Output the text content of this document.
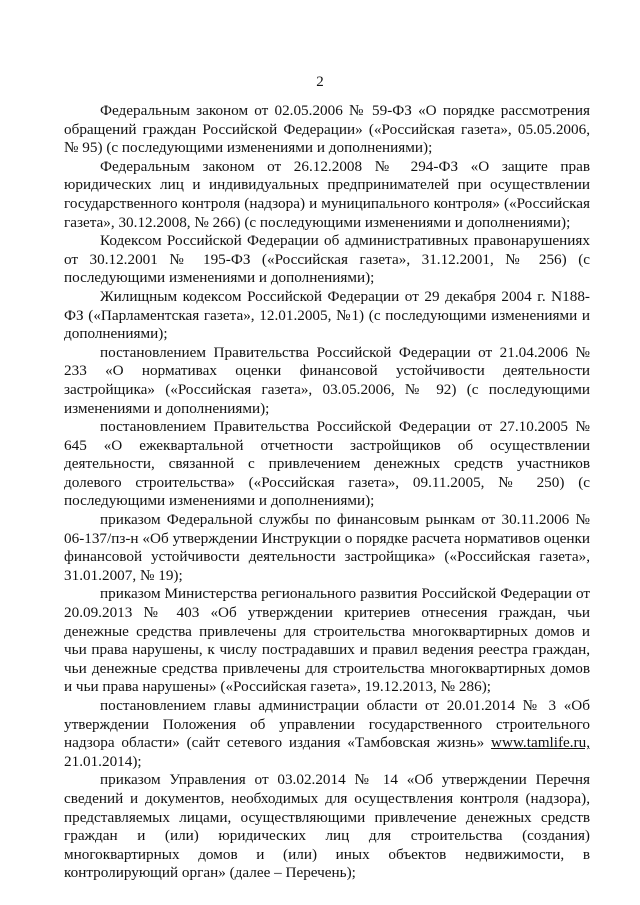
2

Федеральным законом от 02.05.2006 № 59-ФЗ «О порядке рассмотрения обращений граждан Российской Федерации» («Российская газета», 05.05.2006, № 95) (с последующими изменениями и дополнениями);

Федеральным законом от 26.12.2008 № 294-ФЗ «О защите прав юридических лиц и индивидуальных предпринимателей при осуществлении государственного контроля (надзора) и муниципального контроля» («Российская газета», 30.12.2008, № 266) (с последующими изменениями и дополнениями);

Кодексом Российской Федерации об административных правонарушениях от 30.12.2001 № 195-ФЗ («Российская газета», 31.12.2001, № 256) (с последующими изменениями и дополнениями);

Жилищным кодексом Российской Федерации от 29 декабря 2004 г. N188-ФЗ («Парламентская газета», 12.01.2005, №1) (с последующими изменениями и дополнениями);

постановлением Правительства Российской Федерации от 21.04.2006 № 233 «О нормативах оценки финансовой устойчивости деятельности застройщика» («Российская газета», 03.05.2006, № 92) (с последующими изменениями и дополнениями);

постановлением Правительства Российской Федерации от 27.10.2005 № 645 «О ежеквартальной отчетности застройщиков об осуществлении деятельности, связанной с привлечением денежных средств участников долевого строительства» («Российская газета», 09.11.2005, № 250) (с последующими изменениями и дополнениями);

приказом Федеральной службы по финансовым рынкам от 30.11.2006 № 06-137/пз-н «Об утверждении Инструкции о порядке расчета нормативов оценки финансовой устойчивости деятельности застройщика» («Российская газета», 31.01.2007, № 19);

приказом Министерства регионального развития Российской Федерации от 20.09.2013 № 403 «Об утверждении критериев отнесения граждан, чьи денежные средства привлечены для строительства многоквартирных домов и чьи права нарушены, к числу пострадавших и правил ведения реестра граждан, чьи денежные средства привлечены для строительства многоквартирных домов и чьи права нарушены» («Российская газета», 19.12.2013, № 286);

постановлением главы администрации области от 20.01.2014 № 3 «Об утверждении Положения об управлении государственного строительного надзора области» (сайт сетевого издания «Тамбовская жизнь» www.tamlife.ru, 21.01.2014);

приказом Управления от 03.02.2014 № 14 «Об утверждении Перечня сведений и документов, необходимых для осуществления контроля (надзора), представляемых лицами, осуществляющими привлечение денежных средств граждан и (или) юридических лиц для строительства (создания) многоквартирных домов и (или) иных объектов недвижимости, в контролирующий орган» (далее – Перечень);
